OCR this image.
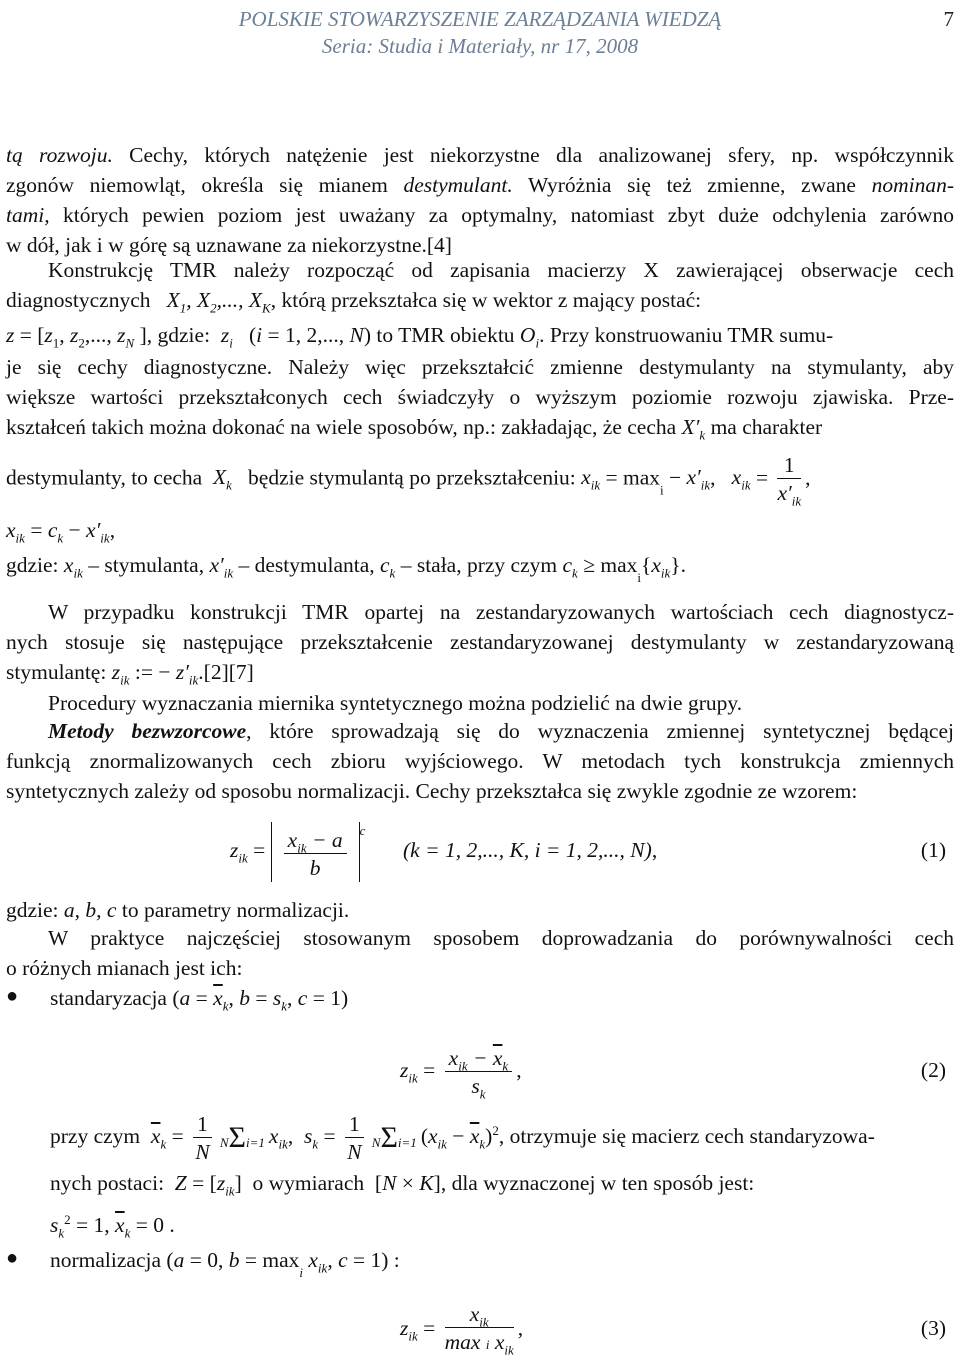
POLSKIE STOWARZYSZENIE ZARZĄDZANIA WIEDZĄ
Seria: Studia i Materiały, nr 17, 2008
7
tą rozwoju. Cechy, których natężenie jest niekorzystne dla analizowanej sfery, np. współczynnik
zgonów niemowląt, określa się mianem destymulant. Wyróżnia się też zmienne, zwane nominan-
tami, których pewien poziom jest uważany za optymalny, natomiast zbyt duże odchylenia zarówno
w dół, jak i w górę są uznawane za niekorzystne.[4]
Konstrukcję TMR należy rozpocząć od zapisania macierzy X zawierającej obserwacje cech
diagnostycznych $X_1$, $X_2$,..., $X_K$, którą przekształca się w wektor z mający postać:
$z = [z_1$, $z_2$,..., $z_N$ ], gdzie: $z_i$   (i = 1, 2,..., N) to TMR obiektu $O_i$. Przy konstruowaniu TMR sumu-
je się cechy diagnostyczne. Należy więc przekształcić zmienne destymulanty na stymulanty, aby
większe wartości przekształconych cech świadczyły o wyższym poziomie rozwoju zjawiska. Prze-
kształceń takich można dokonać na wiele sposobów, np.: zakładając, że cecha $X'_k$ ma charakter
destymulanty, to cecha $X_k$ będzie stymulantą po przekształceniu: $x_{ik} = \max_i - x'_{ik}$,   $x_{ik} = \frac{1}{x'_{ik}}$ ,
$x_{ik} = c_k - x'_{ik}$,
gdzie: $x_{ik}$ – stymulanta, $x'_{ik}$ – destymulanta, $c_k$ – stała, przy czym $c_k \ge \max_i\{x_{ik}\}$.
W przypadku konstrukcji TMR opartej na zestandaryzowanych wartościach cech diagnostycz-
nych stosuje się następujące przekształcenie zestandaryzowanej destymulanty w zestandaryzowaną
stymulantę: $z_{ik}$ := − $z'_{ik}.[2][7]$
Procedury wyznaczania miernika syntetycznego można podzielić na dwie grupy.
Metody bezwzorcowe, które sprowadzają się do wyznaczenia zmiennej syntetycznej będącej
funkcją znormalizowanych cech zbioru wyjściowego. W metodach tych konstrukcja zmiennych
syntetycznych zależy od sposobu normalizacji. Cechy przekształca się zwykle zgodnie ze wzorem:
$z_{ik} = x_{ik} - a$
b
$^c$       (k = 1, 2,..., K, i = 1, 2,..., N),	(1)
gdzie: a, b, c to parametry normalizacji.
W praktyce najczęściej stosowanym sposobem doprowadzania do porównywalności cech
o różnych mianach jest ich:
● standaryzacja ($a = \overline{x}_k$, $b = s_k$, c = 1)
$z_{ik}$ =
$x_{ik} - \overline{x}_k$
$s_k$
,	(2)
przy czym $\overline{x}_k = \frac{1}{N} N\Sigma i=1$ $x_{ik}$,  $s_k = \frac{1}{N} N\Sigma i=1$ $(x_{ik} - \overline{x}_k)^2$, otrzymuje się macierz cech standaryzowa-
nych postaci: $Z = [z_{ik}]$  o wymiarach  [N × K], dla wyznaczonej w ten sposób jest:
$s_k^2 = 1$, $\overline{x}_k = 0$ .
● normalizacja (a = 0, $b = \max_i x_{ik}$, c = 1) :
$z_{ik}$ =
$x_{ik}$
max i $x_{ik}$
,	(3)
